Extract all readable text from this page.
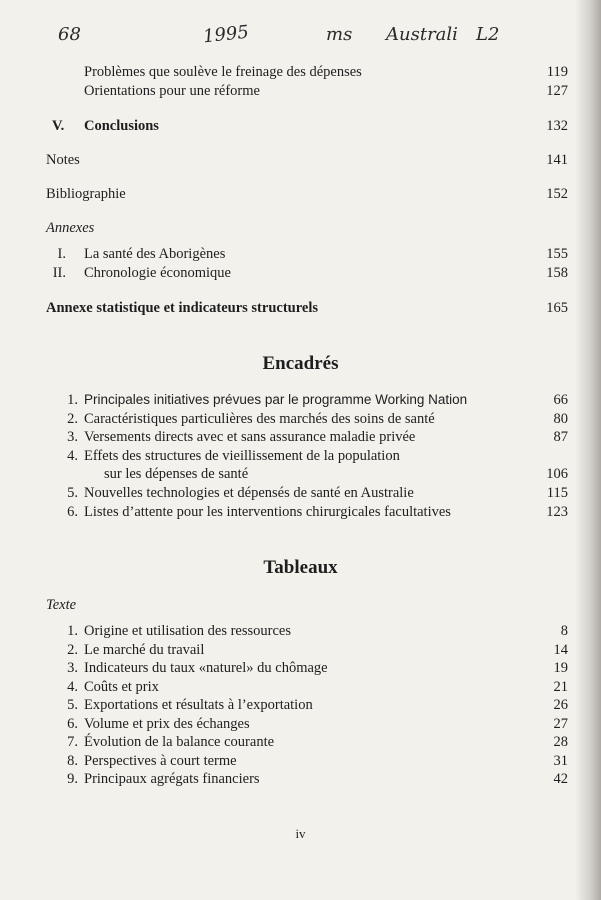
68	1995	ms Australi L2
Problèmes que soulève le freinage des dépenses	119
Orientations pour une réforme	127
V.	Conclusions	132
Notes	141
Bibliographie	152
Annexes
I. La santé des Aborigènes	155
II. Chronologie économique	158
Annexe statistique et indicateurs structurels	165
Encadrés
1. Principales initiatives prévues par le programme Working Nation	66
2. Caractéristiques particulières des marchés des soins de santé	80
3. Versements directs avec et sans assurance maladie privée	87
4. Effets des structures de vieillissement de la population
sur les dépenses de santé	106
5. Nouvelles technologies et dépensés de santé en Australie	115
6. Listes d’attente pour les interventions chirurgicales facultatives	123
Tableaux
Texte
1. Origine et utilisation des ressources	8
2. Le marché du travail	14
3. Indicateurs du taux «naturel» du chômage	19
4. Coûts et prix	21
5. Exportations et résultats à l’exportation	26
6. Volume et prix des échanges	27
7. Évolution de la balance courante	28
8. Perspectives à court terme	31
9. Principaux agrégats financiers	42
iv
